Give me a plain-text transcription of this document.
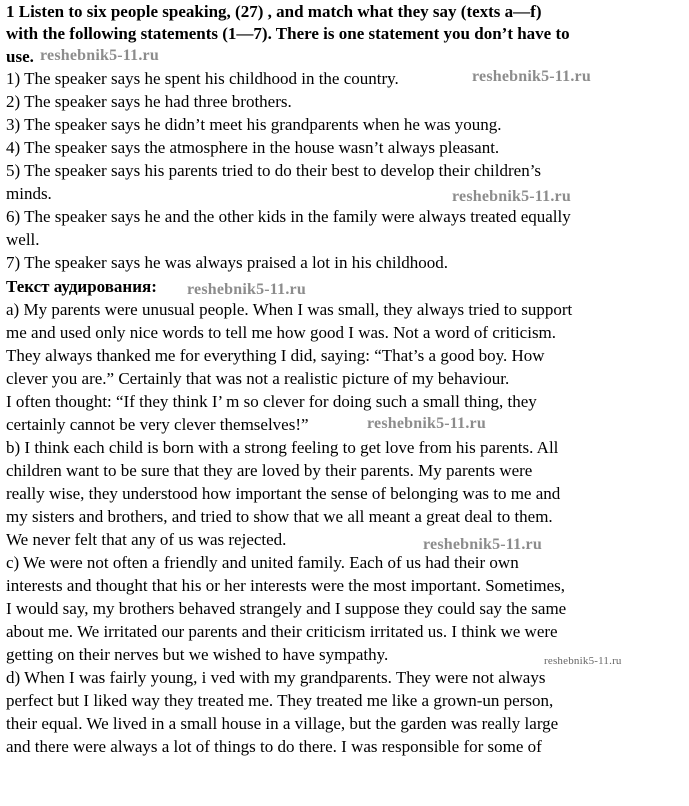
1 Listen to six people speaking, (27) , and match what they say (texts a—f)
with the following statements (1—7). There is one statement you don’t have to
use.
1) The speaker says he spent his childhood in the country.
2) The speaker says he had three brothers.
3) The speaker says he didn’t meet his grandparents when he was young.
4) The speaker says the atmosphere in the house wasn’t always pleasant.
5) The speaker says his parents tried to do their best to develop their children’s
minds.
6) The speaker says he and the other kids in the family were always treated equally
well.
7) The speaker says he was always praised a lot in his childhood.
Текст аудирования:
a) My parents were unusual people. When I was small, they always tried to support
me and used only nice words to tell me how good I was. Not a word of criticism.
They always thanked me for everything I did, saying: “That’s a good boy. How
clever you are.” Certainly that was not a realistic picture of my behaviour.
I often thought: “If they think I’ m so clever for doing such a small thing, they
certainly cannot be very clever themselves!”
b) I think each child is born with a strong feeling to get love from his parents. All
children want to be sure that they are loved by their parents. My parents were
really wise, they understood how important the sense of belonging was to me and
my sisters and brothers, and tried to show that we all meant a great deal to them.
We never felt that any of us was rejected.
c) We were not often a friendly and united family. Each of us had their own
interests and thought that his or her interests were the most important. Sometimes,
I would say, my brothers behaved strangely and I suppose they could say the same
about me. We irritated our parents and their criticism irritated us. I think we were
getting on their nerves but we wished to have sympathy.
d) When I was fairly young, i ved with my grandparents. They were not always
perfect but I liked way they treated me. They treated me like a grown-un person,
their equal. We lived in a small house in a village, but the garden was really large
and there were always a lot of things to do there. I was responsible for some of
reshebnik5-11.ru
reshebnik5-11.ru
reshebnik5-11.ru
reshebnik5-11.ru
reshebnik5-11.ru
reshebnik5-11.ru
reshebnik5-11.ru
